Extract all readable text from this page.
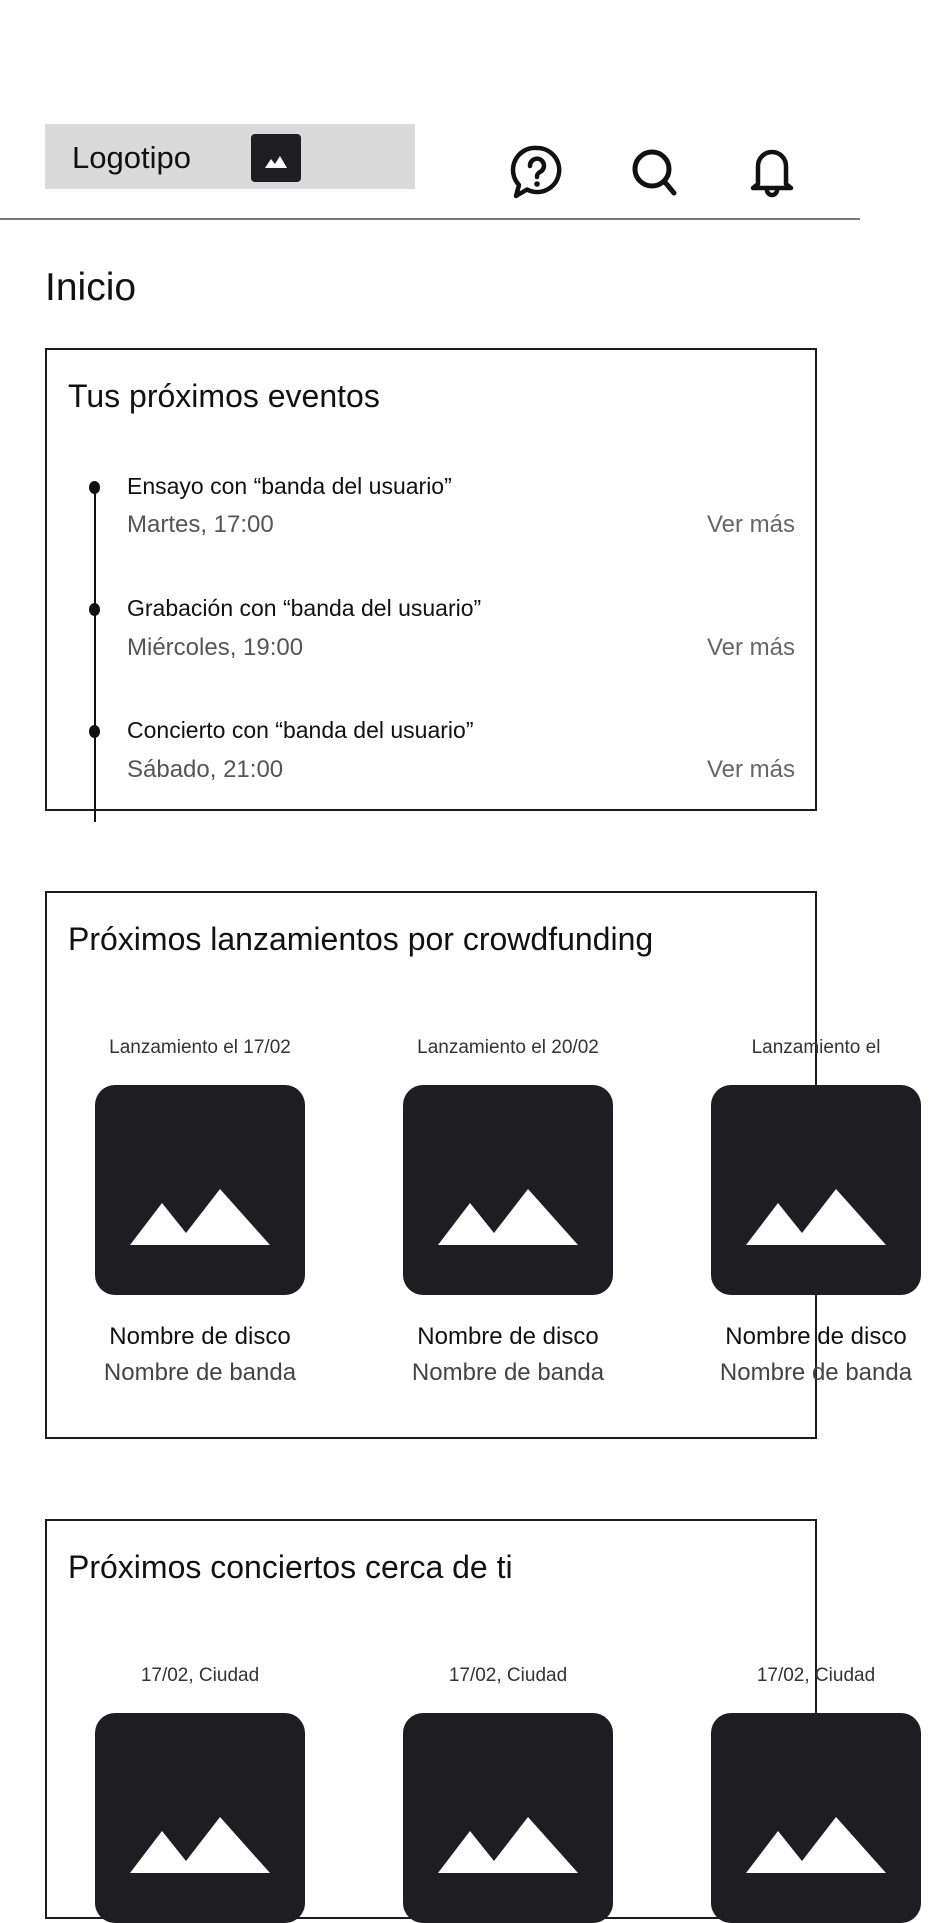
Logotipo
Inicio
Tus próximos eventos
Ensayo con “banda del usuario”
Martes, 17:00	Ver más
Grabación con “banda del usuario”
Miércoles, 19:00	Ver más
Concierto con “banda del usuario”
Sábado, 21:00	Ver más
Próximos lanzamientos por crowdfunding
Lanzamiento el 17/02
Nombre de disco
Nombre de banda
Lanzamiento el 20/02
Nombre de disco
Nombre de banda
Lanzamiento el
Nombre de disco
Nombre de banda
Próximos conciertos cerca de ti
17/02, Ciudad	17/02, Ciudad	17/02, Ciudad
